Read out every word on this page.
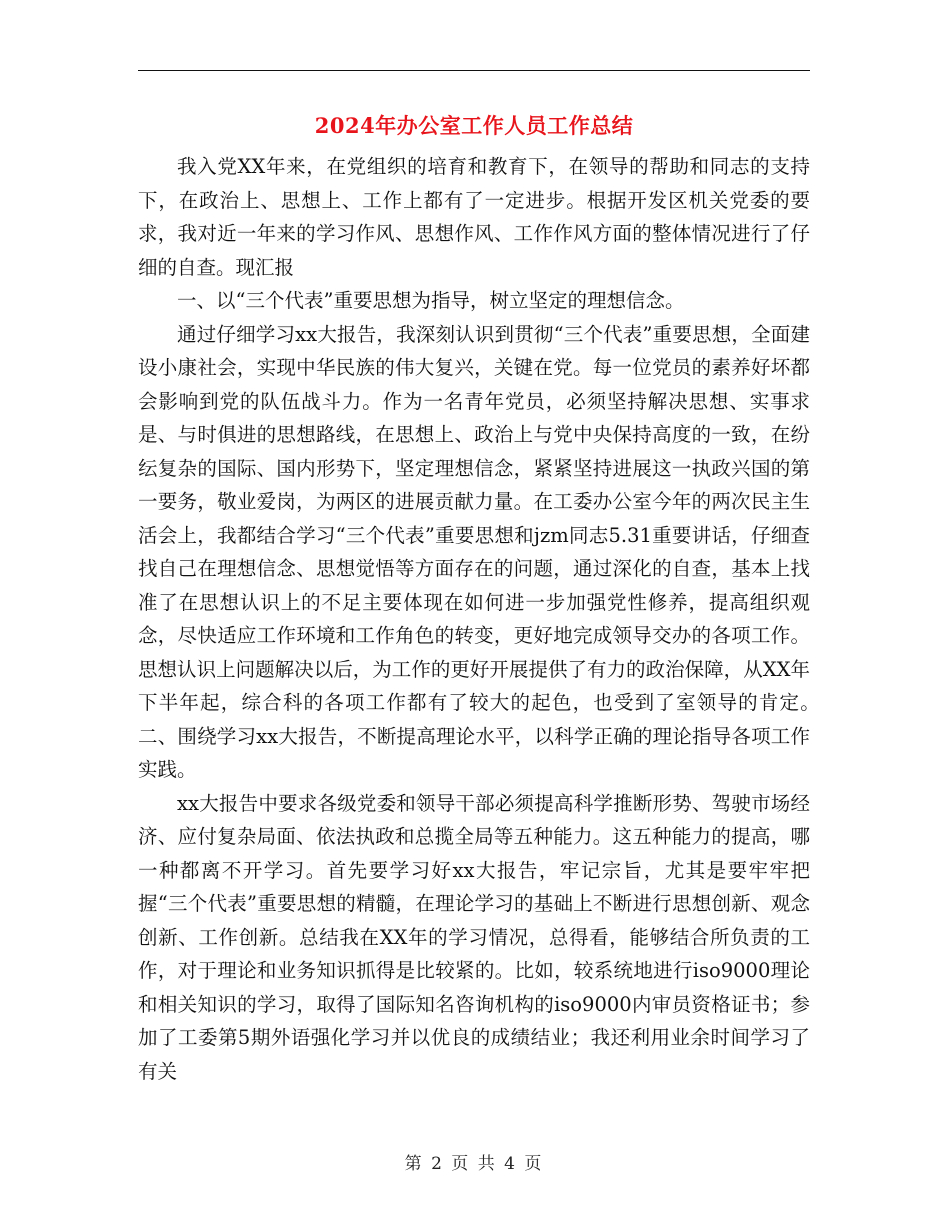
2024年办公室工作人员工作总结

我入党XX年来，在党组织的培育和教育下，在领导的帮助和同志的支持下，在政治上、思想上、工作上都有了一定进步。根据开发区机关党委的要求，我对近一年来的学习作风、思想作风、工作作风方面的整体情况进行了仔细的自查。现汇报

一、以“三个代表”重要思想为指导，树立坚定的理想信念。

通过仔细学习xx大报告，我深刻认识到贯彻“三个代表”重要思想，全面建设小康社会，实现中华民族的伟大复兴，关键在党。每一位党员的素养好坏都会影响到党的队伍战斗力。作为一名青年党员，必须坚持解决思想、实事求是、与时俱进的思想路线，在思想上、政治上与党中央保持高度的一致，在纷纭复杂的国际、国内形势下，坚定理想信念，紧紧坚持进展这一执政兴国的第一要务，敬业爱岗，为两区的进展贡献力量。在工委办公室今年的两次民主生活会上，我都结合学习“三个代表”重要思想和jzm同志5.31重要讲话，仔细查找自己在理想信念、思想觉悟等方面存在的问题，通过深化的自查，基本上找准了在思想认识上的不足主要体现在如何进一步加强党性修养，提高组织观念，尽快适应工作环境和工作角色的转变，更好地完成领导交办的各项工作。思想认识上问题解决以后，为工作的更好开展提供了有力的政治保障，从XX年下半年起，综合科的各项工作都有了较大的起色，也受到了室领导的肯定。　　　　二、围绕学习xx大报告，不断提高理论水平，以科学正确的理论指导各项工作实践。

xx大报告中要求各级党委和领导干部必须提高科学推断形势、驾驶市场经济、应付复杂局面、依法执政和总揽全局等五种能力。这五种能力的提高，哪一种都离不开学习。首先要学习好xx大报告，牢记宗旨，尤其是要牢牢把握“三个代表”重要思想的精髓，在理论学习的基础上不断进行思想创新、观念创新、工作创新。总结我在XX年的学习情况，总得看，能够结合所负责的工作，对于理论和业务知识抓得是比较紧的。比如，较系统地进行iso9000理论和相关知识的学习，取得了国际知名咨询机构的iso9000内审员资格证书；参加了工委第5期外语强化学习并以优良的成绩结业；我还利用业余时间学习了有关

第 2 页 共 4 页
